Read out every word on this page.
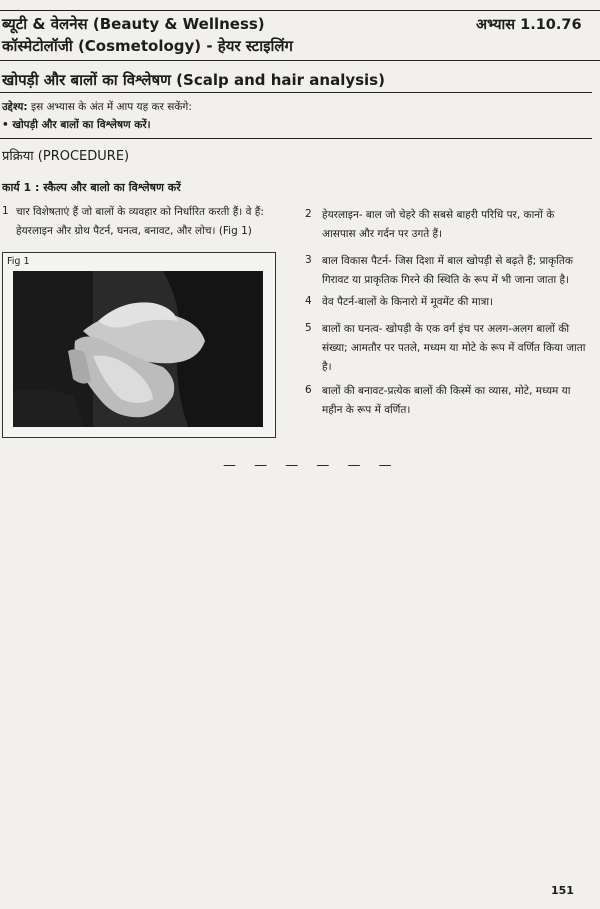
ब्यूटी & वेलनेस (Beauty & Wellness)
कॉस्मेटोलॉजी (Cosmetology) - हेयर स्टाइलिंग
अभ्यास 1.10.76
खोपड़ी और बालों का विश्लेषण (Scalp and hair analysis)
उद्देश्य: इस अभ्यास के अंत में आप यह कर सकेंगे:
• खोपड़ी और बालों का विश्लेषण करें।
प्रक्रिया (PROCEDURE)
कार्य 1 : स्कैल्प और बालो का विश्लेषण करें
1 चार विशेषताएं हैं जो बालों के व्यवहार को निर्धारित करती हैं। वे हैं: हेयरलाइन और ग्रोथ पैटर्न, घनत्व, बनावट, और लोच। (Fig 1)
Fig 1
2 हेयरलाइन- बाल जो चेहरे की सबसे बाहरी परिधि पर, कानों के आसपास और गर्दन पर उगते हैं।
3 बाल विकास पैटर्न- जिस दिशा में बाल खोपड़ी से बढ़ते हैं; प्राकृतिक गिरावट या प्राकृतिक गिरने की स्थिति के रूप में भी जाना जाता है।
4 वेव पैटर्न-बालों के किनारो में मूवमेंट की मात्रा।
5 बालों का घनत्व- खोपड़ी के एक वर्ग इंच पर अलग-अलग बालों की संख्या; आमतौर पर पतले, मध्यम या मोटे के रूप में वर्णित किया जाता है।
6 बालों की बनावट-प्रत्येक बालों की किस्में का व्यास, मोटे, मध्यम या महीन के रूप में वर्णित।
— — — — — —
151
